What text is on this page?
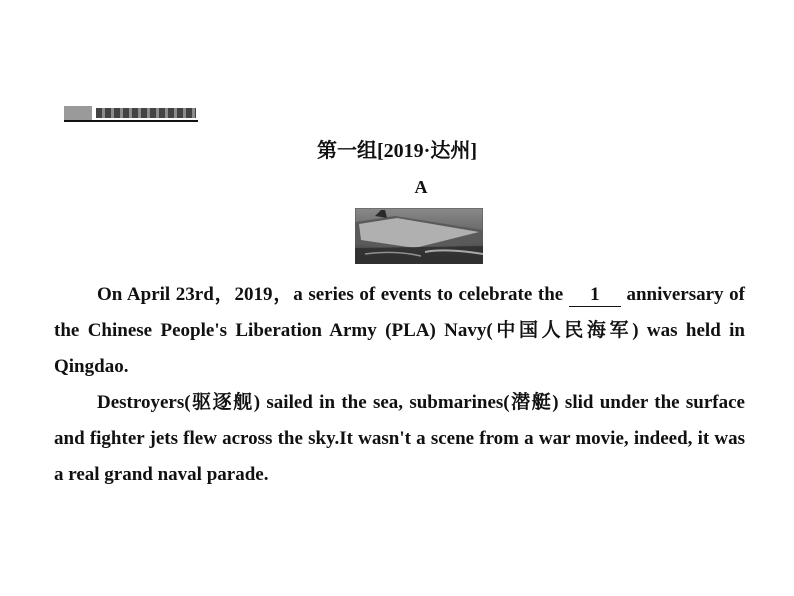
第一组[2019·达州]
A

On April 23rd，2019，a series of events to celebrate the 1 anniversary of the Chinese People's Liberation Army (PLA) Navy(中国人民海军) was held in Qingdao.

Destroyers(驱逐舰) sailed in the sea, submarines(潜艇) slid under the surface and fighter jets flew across the sky.It wasn't a scene from a war movie, indeed, it was a real grand naval parade.
